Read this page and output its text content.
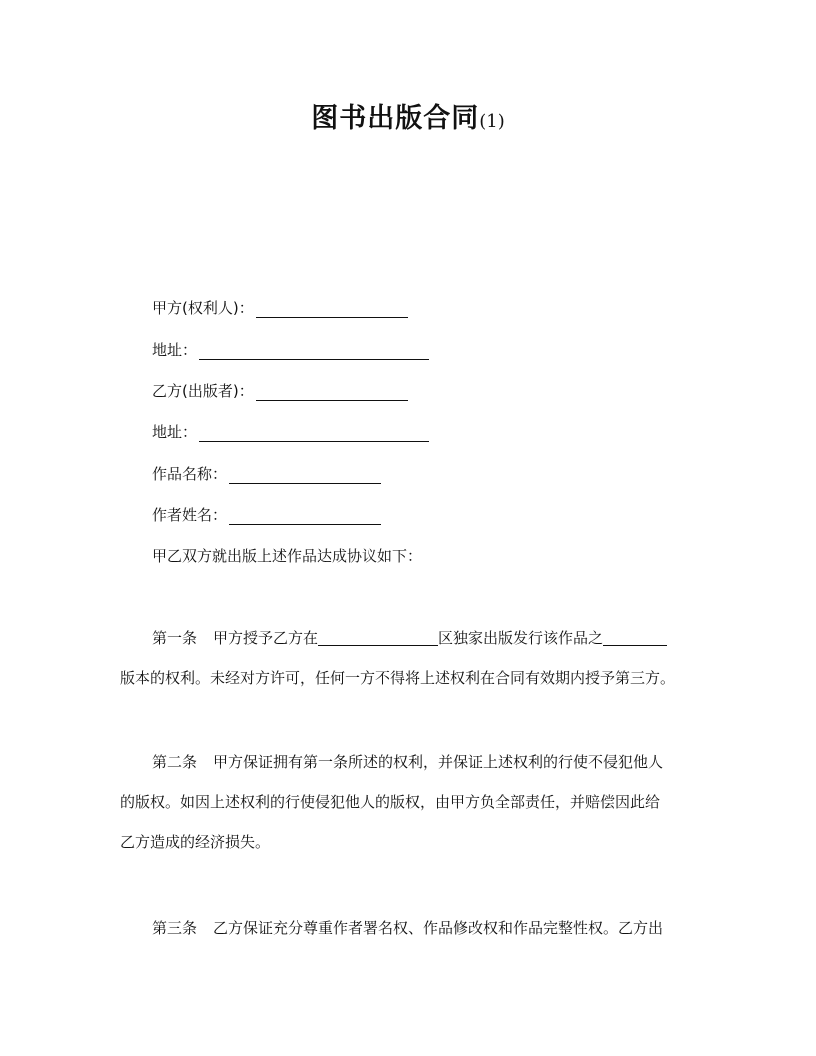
图书出版合同(1)
甲方(权利人)：
地址：
乙方(出版者)：
地址：
作品名称：
作者姓名：
甲乙双方就出版上述作品达成协议如下：
第一条 甲方授予乙方在	区独家出版发行该作品之
版本的权利。未经对方许可，任何一方不得将上述权利在合同有效期内授予第三方。
第二条 甲方保证拥有第一条所述的权利，并保证上述权利的行使不侵犯他人
的版权。如因上述权利的行使侵犯他人的版权，由甲方负全部责任，并赔偿因此给
乙方造成的经济损失。
第三条 乙方保证充分尊重作者署名权、作品修改权和作品完整性权。乙方出
